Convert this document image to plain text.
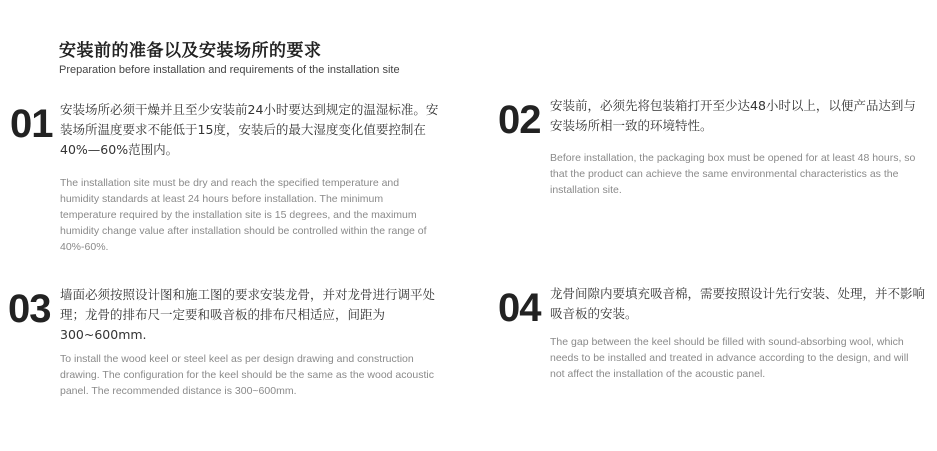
安装前的准备以及安装场所的要求
Preparation before installation and requirements of the installation site
01 安装场所必须干燥并且至少安装前24小时要达到规定的温湿标准。安装场所温度要求不能低于15度，安装后的最大湿度变化值要控制在40%—60%范围内。
The installation site must be dry and reach the specified temperature and humidity standards at least 24 hours before installation. The minimum temperature required by the installation site is 15 degrees, and the maximum humidity change value after installation should be controlled within the range of 40%-60%.
02 安装前，必须先将包装箱打开至少达48小时以上，以便产品达到与安装场所相一致的环境特性。
Before installation, the packaging box must be opened for at least 48 hours, so that the product can achieve the same environmental characteristics as the installation site.
03 墙面必须按照设计图和施工图的要求安装龙骨，并对龙骨进行调平处理；龙骨的排布尺一定要和吸音板的排布尺相适应，间距为300~600mm.
To install the wood keel or steel keel as per design drawing and construction drawing. The configuration for the keel should be the same as the wood acoustic panel. The recommended distance is 300~600mm.
04 龙骨间隙内要填充吸音棉，需要按照设计先行安装、处理，并不影响吸音板的安装。
The gap between the keel should be filled with sound-absorbing wool, which needs to be installed and treated in advance according to the design, and will not affect the installation of the acoustic panel.
